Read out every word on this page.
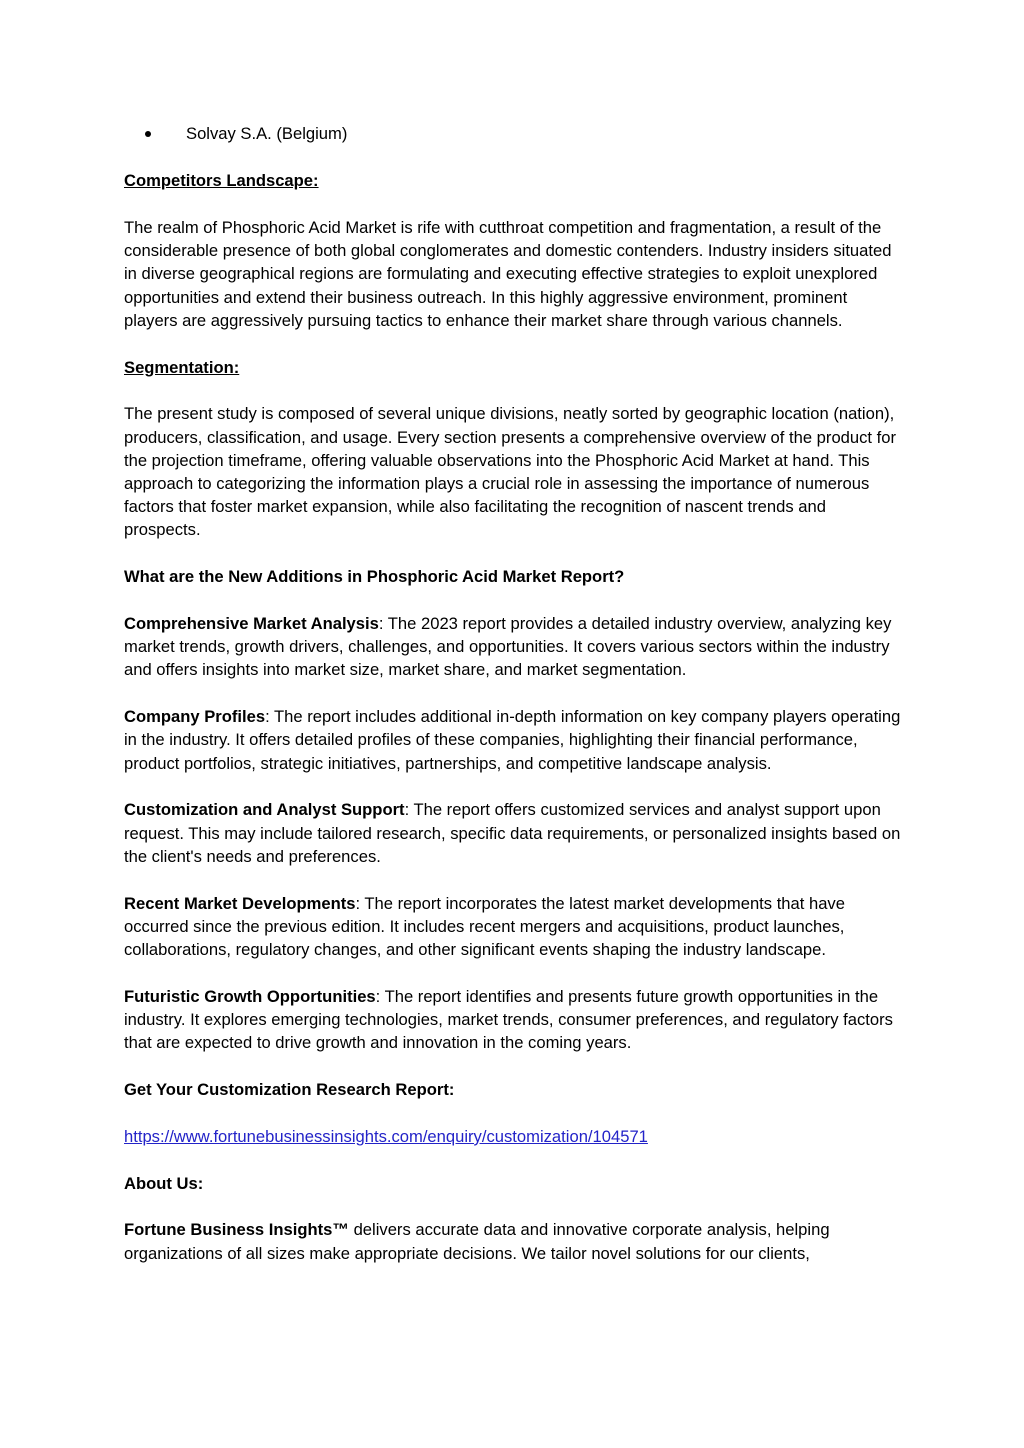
Solvay S.A. (Belgium)
Competitors Landscape:

The realm of Phosphoric Acid Market is rife with cutthroat competition and fragmentation, a result of the considerable presence of both global conglomerates and domestic contenders. Industry insiders situated in diverse geographical regions are formulating and executing effective strategies to exploit unexplored opportunities and extend their business outreach. In this highly aggressive environment, prominent players are aggressively pursuing tactics to enhance their market share through various channels.

Segmentation:

The present study is composed of several unique divisions, neatly sorted by geographic location (nation), producers, classification, and usage. Every section presents a comprehensive overview of the product for the projection timeframe, offering valuable observations into the Phosphoric Acid Market at hand. This approach to categorizing the information plays a crucial role in assessing the importance of numerous factors that foster market expansion, while also facilitating the recognition of nascent trends and prospects.

What are the New Additions in Phosphoric Acid Market Report?

Comprehensive Market Analysis: The 2023 report provides a detailed industry overview, analyzing key market trends, growth drivers, challenges, and opportunities. It covers various sectors within the industry and offers insights into market size, market share, and market segmentation.

Company Profiles: The report includes additional in-depth information on key company players operating in the industry. It offers detailed profiles of these companies, highlighting their financial performance, product portfolios, strategic initiatives, partnerships, and competitive landscape analysis.

Customization and Analyst Support: The report offers customized services and analyst support upon request. This may include tailored research, specific data requirements, or personalized insights based on the client's needs and preferences.

Recent Market Developments: The report incorporates the latest market developments that have occurred since the previous edition. It includes recent mergers and acquisitions, product launches, collaborations, regulatory changes, and other significant events shaping the industry landscape.

Futuristic Growth Opportunities: The report identifies and presents future growth opportunities in the industry. It explores emerging technologies, market trends, consumer preferences, and regulatory factors that are expected to drive growth and innovation in the coming years.

Get Your Customization Research Report:
https://www.fortunebusinessinsights.com/enquiry/customization/104571
About Us:

Fortune Business Insights™ delivers accurate data and innovative corporate analysis, helping organizations of all sizes make appropriate decisions. We tailor novel solutions for our clients,
